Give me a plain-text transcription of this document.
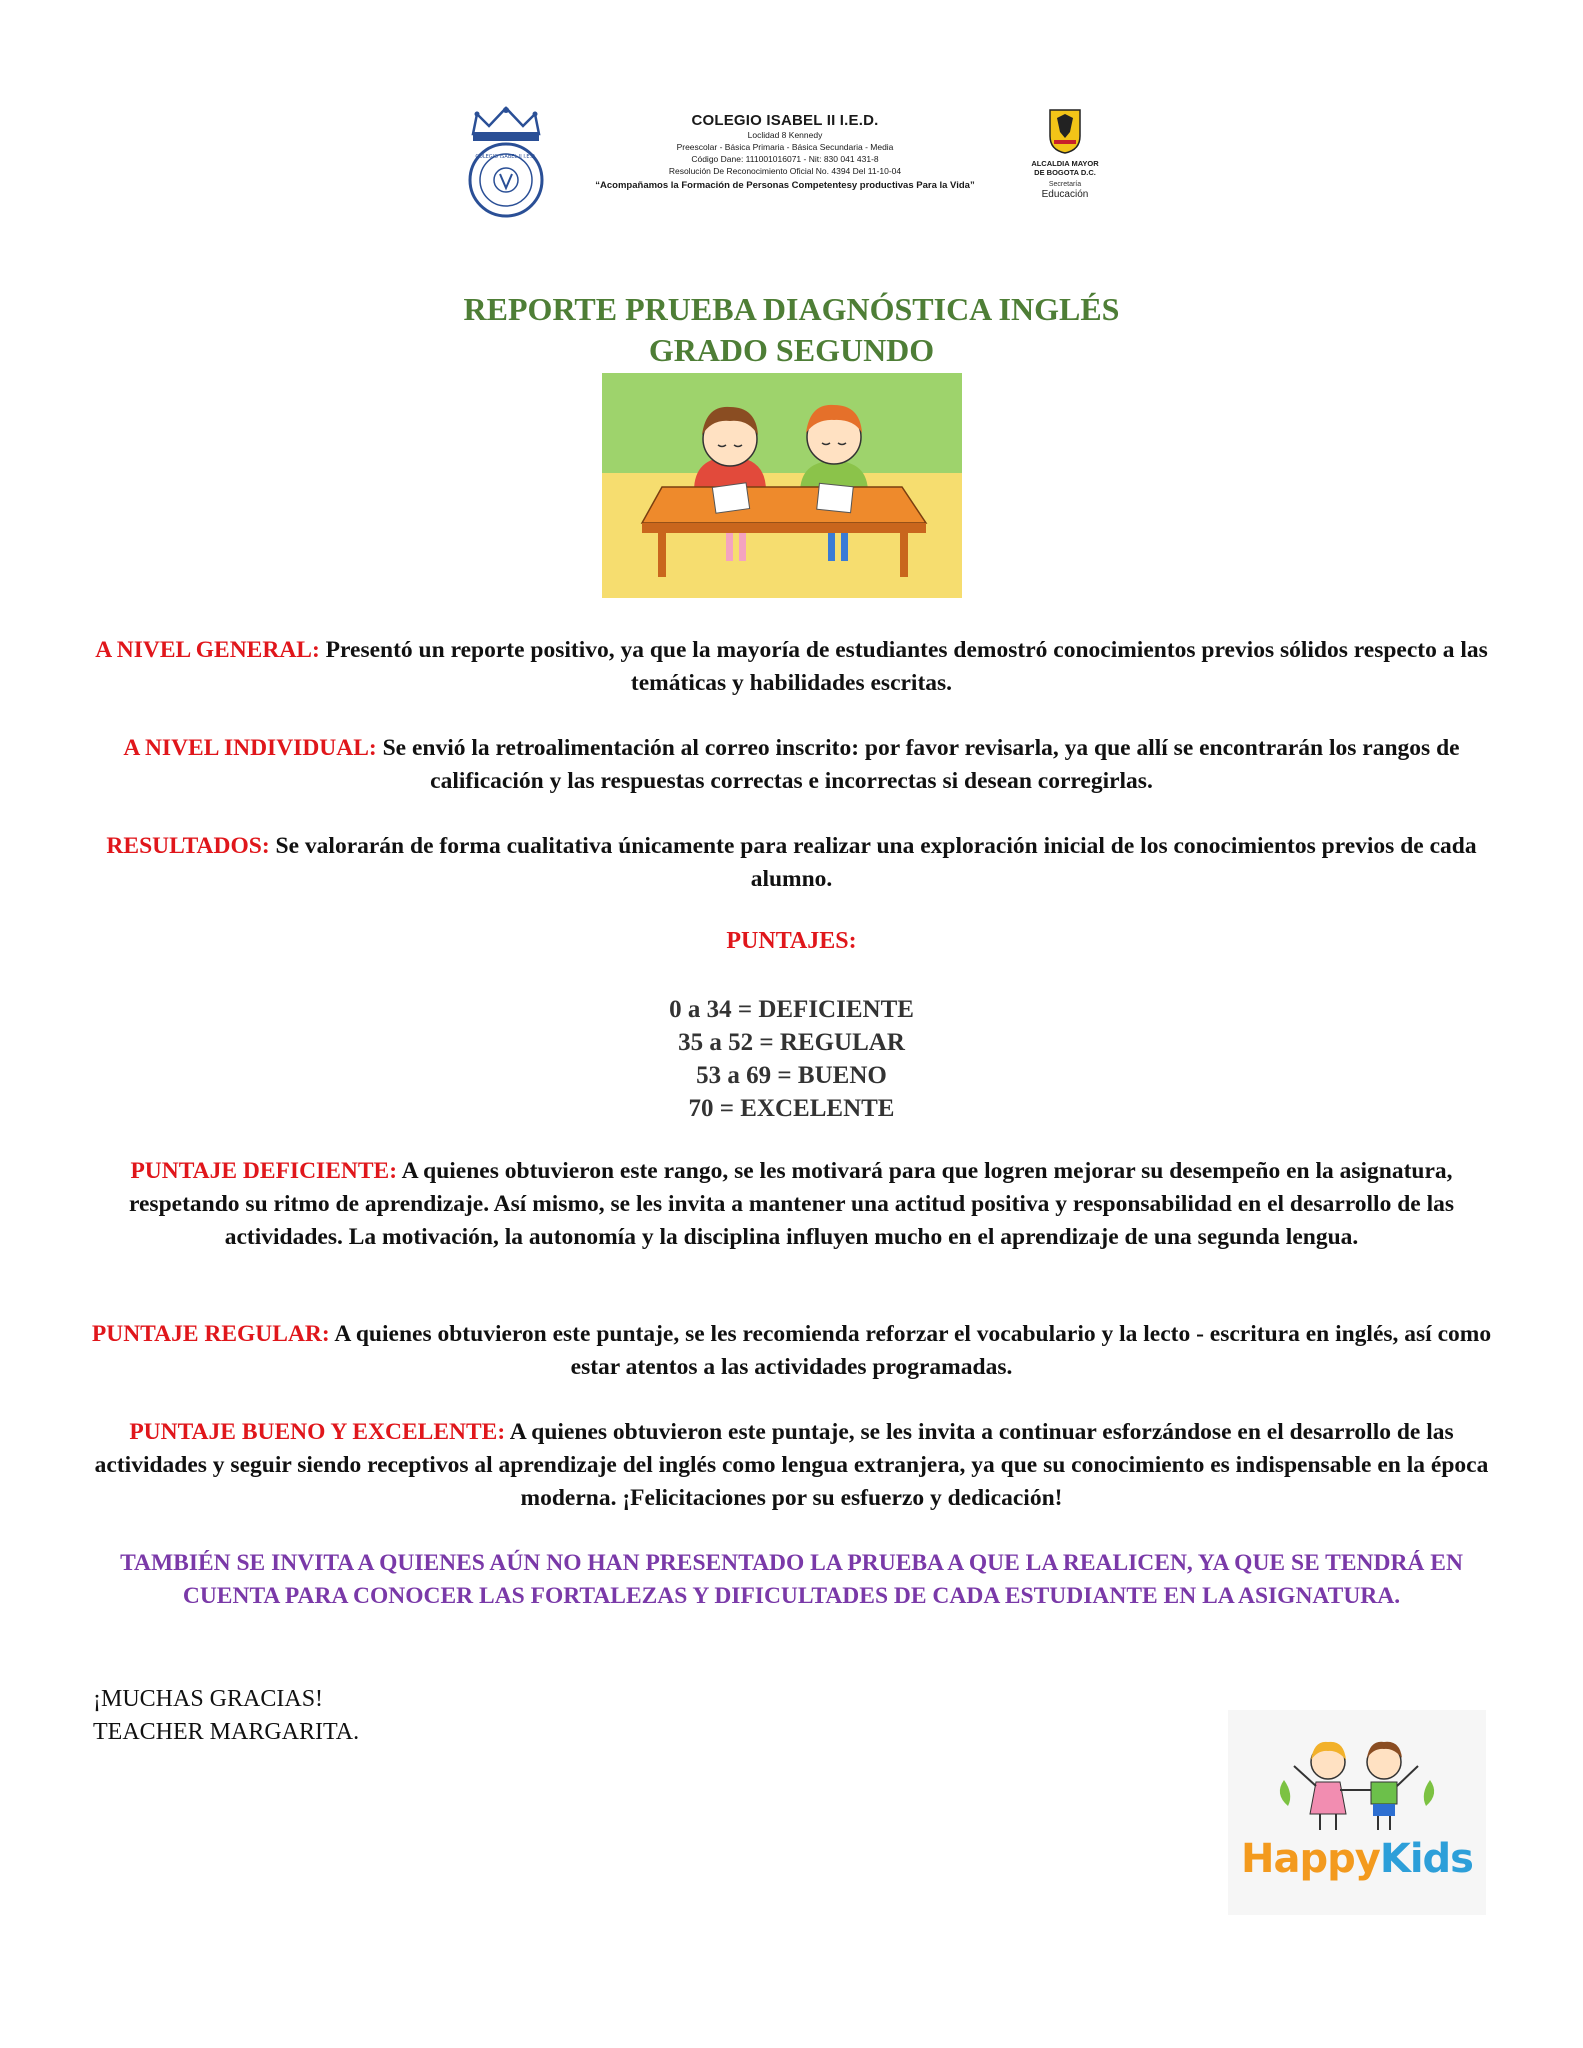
COLEGIO ISABEL II I.E.D.
COLEGIO ISABEL II I.E.D.
Loclidad 8 Kennedy
Preescolar - Básica Primaria - Básica Secundaria - Media
Código Dane: 111001016071 - Nit: 830 041 431-8
Resolución De Reconocimiento Oficial No. 4394 Del 11-10-04
“Acompañamos la Formación de Personas Competentesy productivas Para la Vida”
ALCALDIA MAYOR
DE BOGOTA D.C.
Secretaría
Educación
REPORTE PRUEBA DIAGNÓSTICA INGLÉS
GRADO SEGUNDO
A NIVEL GENERAL: Presentó un reporte positivo, ya que la mayoría de estudiantes demostró conocimientos previos sólidos respecto a las temáticas y habilidades escritas.
A NIVEL INDIVIDUAL: Se envió la retroalimentación al correo inscrito: por favor revisarla, ya que allí se encontrarán los rangos de calificación y las respuestas correctas e incorrectas si desean corregirlas.
RESULTADOS: Se valorarán de forma cualitativa únicamente para realizar una exploración inicial de los conocimientos previos de cada alumno.
PUNTAJES:
0 a 34 = DEFICIENTE
35 a 52 = REGULAR
53 a 69 = BUENO
70 = EXCELENTE
PUNTAJE DEFICIENTE: A quienes obtuvieron este rango, se les motivará para que logren mejorar su desempeño en la asignatura, respetando su ritmo de aprendizaje. Así mismo, se les invita a mantener una actitud positiva y responsabilidad en el desarrollo de las actividades. La motivación, la autonomía y la disciplina influyen mucho en el aprendizaje de una segunda lengua.
PUNTAJE REGULAR: A quienes obtuvieron este puntaje, se les recomienda reforzar el vocabulario y la lecto - escritura en inglés, así como estar atentos a las actividades programadas.
PUNTAJE BUENO Y EXCELENTE: A quienes obtuvieron este puntaje, se les invita a continuar esforzándose en el desarrollo de las actividades y seguir siendo receptivos al aprendizaje del inglés como lengua extranjera, ya que su conocimiento es indispensable en la época moderna. ¡Felicitaciones por su esfuerzo y dedicación!
TAMBIÉN SE INVITA A QUIENES AÚN NO HAN PRESENTADO LA PRUEBA A QUE LA REALICEN, YA QUE SE TENDRÁ EN CUENTA PARA CONOCER LAS FORTALEZAS Y DIFICULTADES DE CADA ESTUDIANTE EN LA ASIGNATURA.
¡MUCHAS GRACIAS!
TEACHER MARGARITA.
HappyKids
